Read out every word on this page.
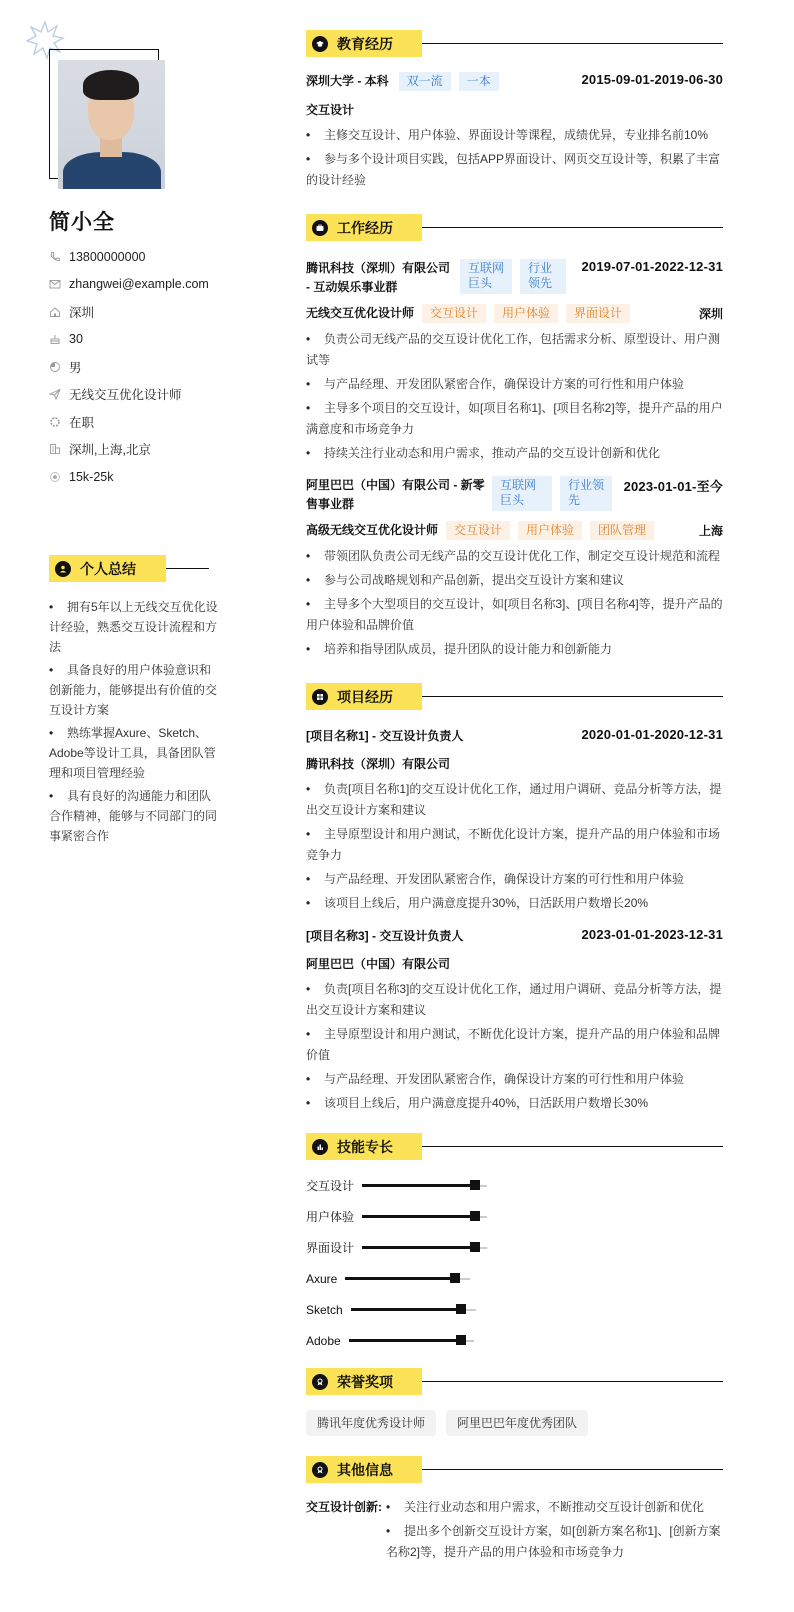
简小全
13800000000
zhangwei@example.com
深圳
30
男
无线交互优化设计师
在职
深圳,上海,北京
15k-25k
个人总结
• 拥有5年以上无线交互优化设计经验，熟悉交互设计流程和方法
• 具备良好的用户体验意识和创新能力，能够提出有价值的交互设计方案
• 熟练掌握Axure、Sketch、Adobe等设计工具，具备团队管理和项目管理经验
• 具有良好的沟通能力和团队合作精神，能够与不同部门的同事紧密合作
教育经历
深圳大学 - 本科 双一流 一本	2015-09-01-2019-06-30
交互设计
• 主修交互设计、用户体验、界面设计等课程，成绩优异，专业排名前10%
• 参与多个设计项目实践，包括APP界面设计、网页交互设计等，积累了丰富的设计经验
工作经历
腾讯科技（深圳）有限公司
- 互动娱乐事业群
互联网
巨头
行业
领先
2019-07-01-2022-12-31
无线交互优化设计师 交互设计 用户体验 界面设计	深圳
• 负责公司无线产品的交互设计优化工作，包括需求分析、原型设计、用户测试等
• 与产品经理、开发团队紧密合作，确保设计方案的可行性和用户体验
• 主导多个项目的交互设计，如[项目名称1]、[项目名称2]等，提升产品的用户满意度和市场竞争力
• 持续关注行业动态和用户需求，推动产品的交互设计创新和优化
阿里巴巴（中国）有限公司 - 新零
售事业群
互联网
巨头
行业领
先
2023-01-01-至今
高级无线交互优化设计师 交互设计 用户体验 团队管理	上海
• 带领团队负责公司无线产品的交互设计优化工作，制定交互设计规范和流程
• 参与公司战略规划和产品创新，提出交互设计方案和建议
• 主导多个大型项目的交互设计，如[项目名称3]、[项目名称4]等，提升产品的用户体验和品牌价值
• 培养和指导团队成员，提升团队的设计能力和创新能力
项目经历
[项目名称1] - 交互设计负责人	2020-01-01-2020-12-31
腾讯科技（深圳）有限公司
• 负责[项目名称1]的交互设计优化工作，通过用户调研、竞品分析等方法，提出交互设计方案和建议
• 主导原型设计和用户测试，不断优化设计方案，提升产品的用户体验和市场竞争力
• 与产品经理、开发团队紧密合作，确保设计方案的可行性和用户体验
• 该项目上线后，用户满意度提升30%，日活跃用户数增长20%
[项目名称3] - 交互设计负责人	2023-01-01-2023-12-31
阿里巴巴（中国）有限公司
• 负责[项目名称3]的交互设计优化工作，通过用户调研、竞品分析等方法，提出交互设计方案和建议
• 主导原型设计和用户测试，不断优化设计方案，提升产品的用户体验和品牌价值
• 与产品经理、开发团队紧密合作，确保设计方案的可行性和用户体验
• 该项目上线后，用户满意度提升40%，日活跃用户数增长30%
技能专长
交互设计
用户体验
界面设计
Axure
Sketch
Adobe
荣誉奖项
腾讯年度优秀设计师	阿里巴巴年度优秀团队
其他信息
交互设计创新:	• 关注行业动态和用户需求，不断推动交互设计创新和优化
• 提出多个创新交互设计方案，如[创新方案名称1]、[创新方案名称2]等，提升产品的用户体验和市场竞争力
